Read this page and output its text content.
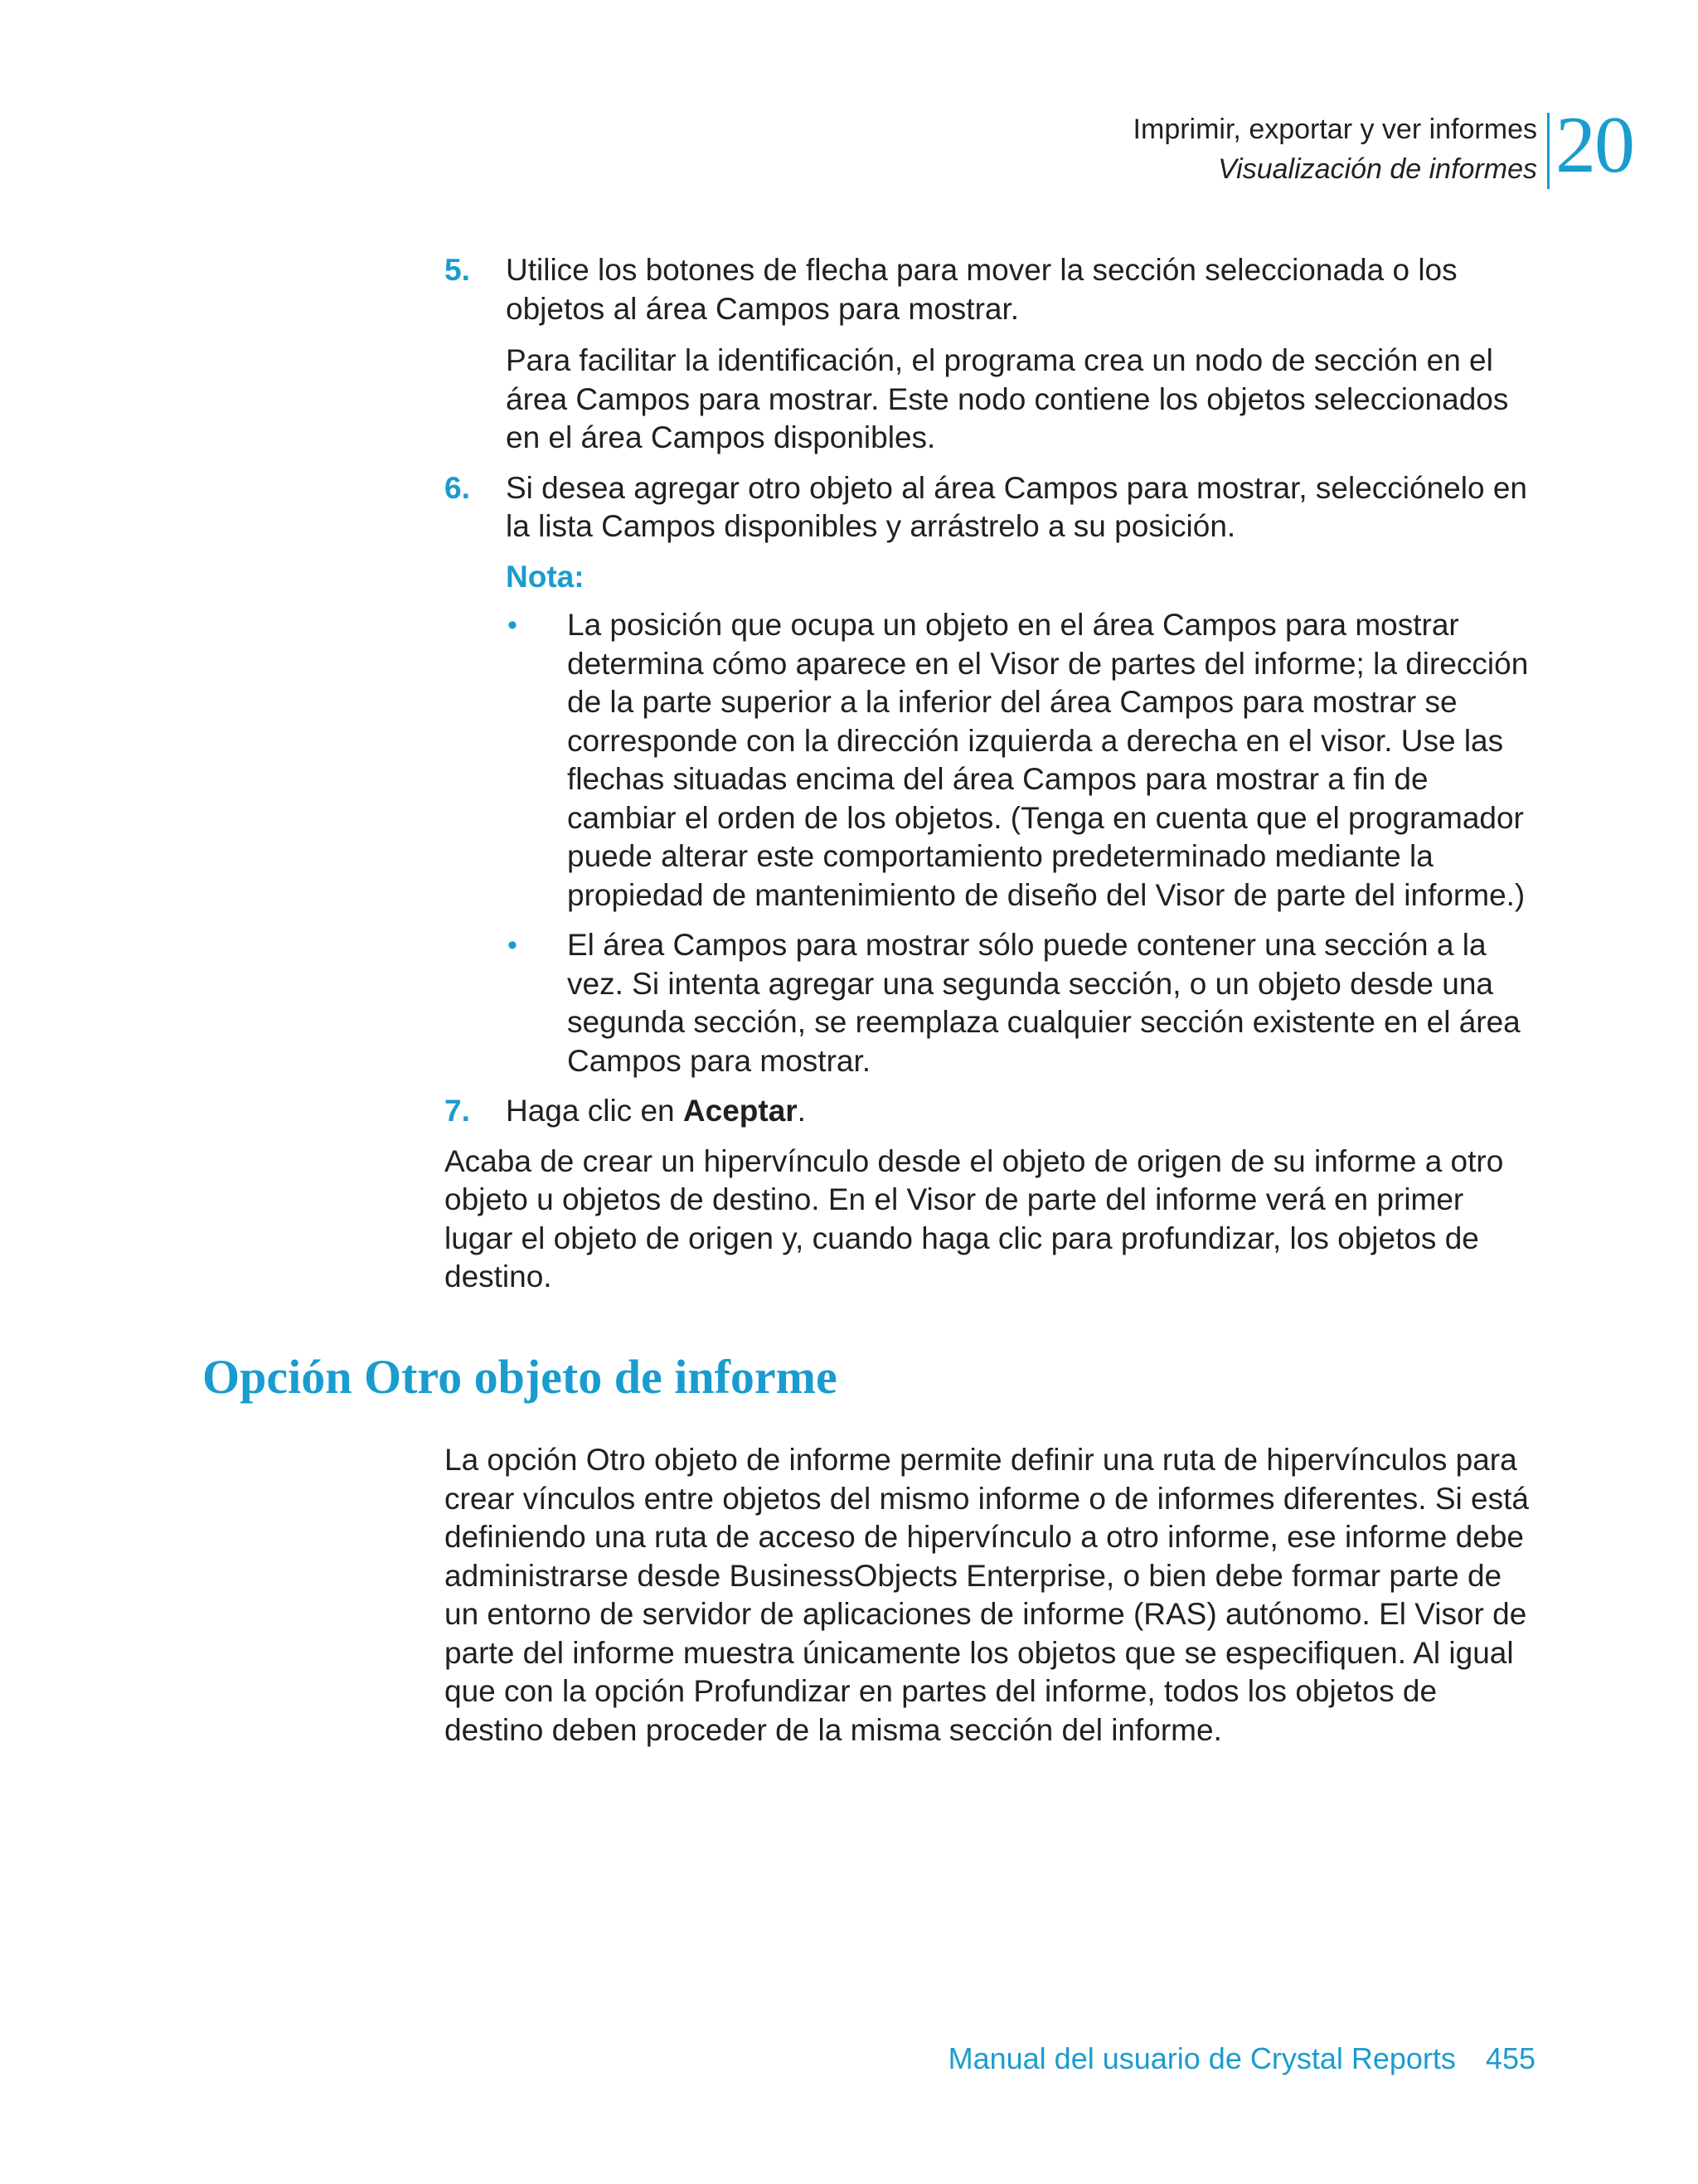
Imprimir, exportar y ver informes
Visualización de informes 20
5. Utilice los botones de flecha para mover la sección seleccionada o los objetos al área Campos para mostrar.

Para facilitar la identificación, el programa crea un nodo de sección en el área Campos para mostrar. Este nodo contiene los objetos seleccionados en el área Campos disponibles.

6. Si desea agregar otro objeto al área Campos para mostrar, selecciónelo en la lista Campos disponibles y arrástrelo a su posición.

Nota:
• La posición que ocupa un objeto en el área Campos para mostrar determina cómo aparece en el Visor de partes del informe; la dirección de la parte superior a la inferior del área Campos para mostrar se corresponde con la dirección izquierda a derecha en el visor. Use las flechas situadas encima del área Campos para mostrar a fin de cambiar el orden de los objetos. (Tenga en cuenta que el programador puede alterar este comportamiento predeterminado mediante la propiedad de mantenimiento de diseño del Visor de parte del informe.)
• El área Campos para mostrar sólo puede contener una sección a la vez. Si intenta agregar una segunda sección, o un objeto desde una segunda sección, se reemplaza cualquier sección existente en el área Campos para mostrar.
7. Haga clic en Aceptar.

Acaba de crear un hipervínculo desde el objeto de origen de su informe a otro objeto u objetos de destino. En el Visor de parte del informe verá en primer lugar el objeto de origen y, cuando haga clic para profundizar, los objetos de destino.

Opción Otro objeto de informe

La opción Otro objeto de informe permite definir una ruta de hipervínculos para crear vínculos entre objetos del mismo informe o de informes diferentes. Si está definiendo una ruta de acceso de hipervínculo a otro informe, ese informe debe administrarse desde BusinessObjects Enterprise, o bien debe formar parte de un entorno de servidor de aplicaciones de informe (RAS) autónomo. El Visor de parte del informe muestra únicamente los objetos que se especifiquen. Al igual que con la opción Profundizar en partes del informe, todos los objetos de destino deben proceder de la misma sección del informe.

Manual del usuario de Crystal Reports 455
